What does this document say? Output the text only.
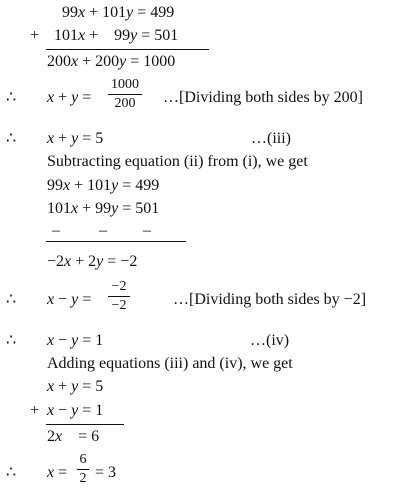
99x + 101y = 499
+ 101x +    99y = 501
200x + 200y = 1000
∴ x + y =
1000
200	…[Dividing both sides by 200]
∴ x + y = 5	…(iii)
Subtracting equation (ii) from (i), we get
99x + 101y = 499
101x + 99y = 501
– – –
−2x + 2y = −2
∴ x − y =
−2
−2	…[Dividing both sides by −2]
∴ x − y = 1	…(iv)
Adding equations (iii) and (iv), we get
x + y = 5
+ x − y = 1
2x    = 6
∴ x =
6
2 = 3
